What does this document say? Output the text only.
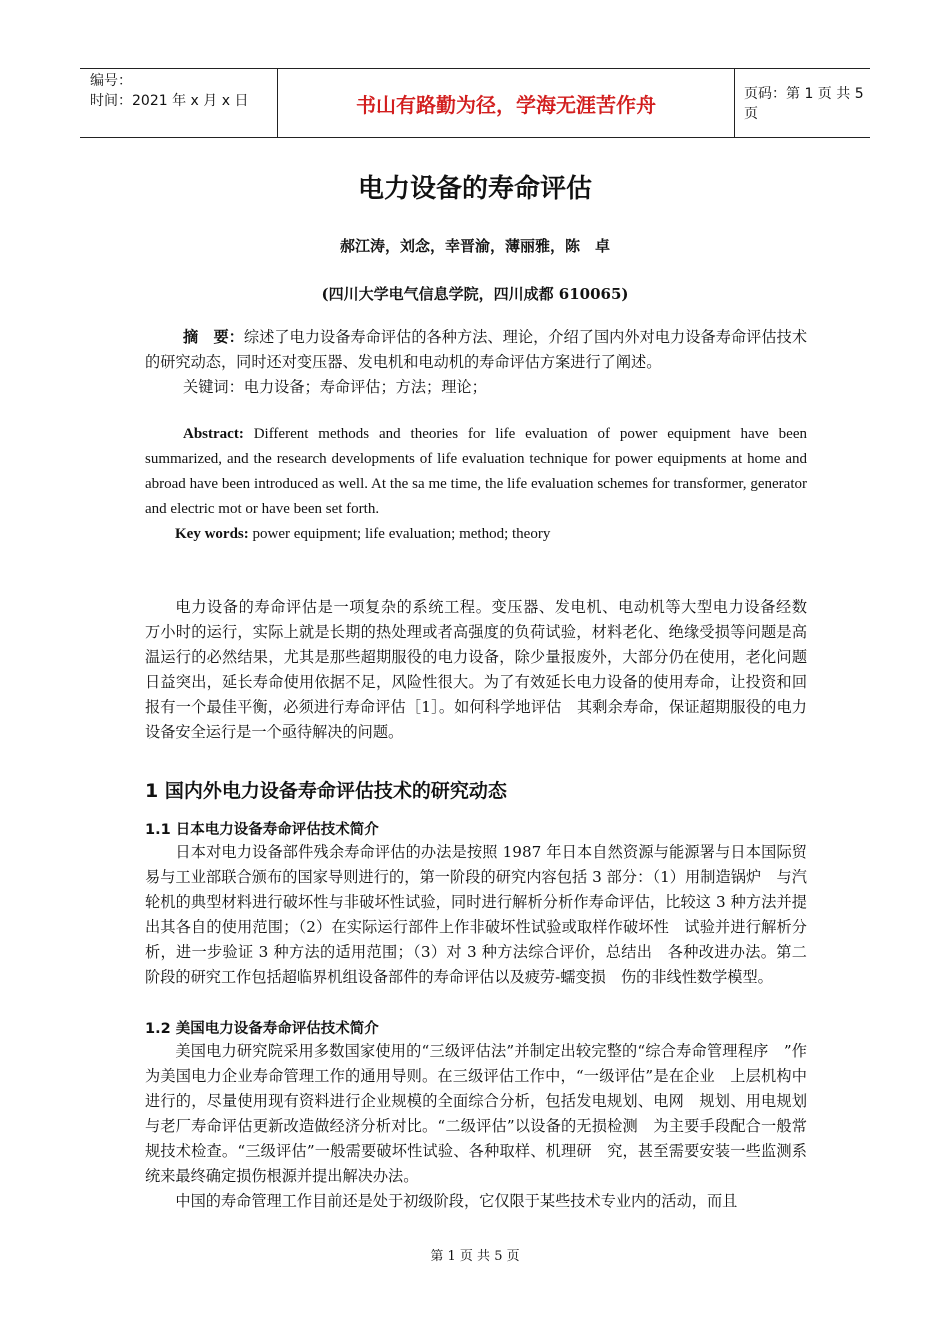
编号：
时间：2021 年 x 月 x 日	书山有路勤为径，学海无涯苦作舟	页码：第 1 页 共 5 页
电力设备的寿命评估
郝江涛，刘念，幸晋渝，薄丽雅，陈　卓
(四川大学电气信息学院，四川成都 610065)

摘　要：综述了电力设备寿命评估的各种方法、理论，介绍了国内外对电力设备寿命评估技术的研究动态，同时还对变压器、发电机和电动机的寿命评估方案进行了阐述。

关键词：电力设备；寿命评估；方法；理论；

Abstract: Different methods and theories for life evaluation of power equipment have been summarized, and the research developments of life evaluation technique for power equipments at home and abroad have been introduced as well. At the sa me time, the life evaluation schemes for transformer, generator and electric mot or have been set forth.

Key words: power equipment; life evaluation; method; theory

电力设备的寿命评估是一项复杂的系统工程。变压器、发电机、电动机等大型电力设备经数　万小时的运行，实际上就是长期的热处理或者高强度的负荷试验，材料老化、绝缘受损等问题是高温运行的必然结果，尤其是那些超期服役的电力设备，除少量报废外，大部分仍在使用，老化问题日益突出，延长寿命使用依据不足，风险性很大。为了有效延长电力设备的使用寿命，让投资和回报有一个最佳平衡，必须进行寿命评估［1］。如何科学地评估　其剩余寿命，保证超期服役的电力设备安全运行是一个亟待解决的问题。

1 国内外电力设备寿命评估技术的研究动态
1.1 日本电力设备寿命评估技术简介

日本对电力设备部件残余寿命评估的办法是按照 1987 年日本自然资源与能源署与日本国际贸　易与工业部联合颁布的国家导则进行的，第一阶段的研究内容包括 3 部分：（1）用制造锅炉　与汽轮机的典型材料进行破坏性与非破坏性试验，同时进行解析分析作寿命评估，比较这 3 种方法并提出其各自的使用范围；（2）在实际运行部件上作非破坏性试验或取样作破坏性　试验并进行解析分析，进一步验证 3 种方法的适用范围；（3）对 3 种方法综合评价，总结出　各种改进办法。第二阶段的研究工作包括超临界机组设备部件的寿命评估以及疲劳-蠕变损　伤的非线性数学模型。

1.2 美国电力设备寿命评估技术简介

美国电力研究院采用多数国家使用的“三级评估法”并制定出较完整的“综合寿命管理程序　”作为美国电力企业寿命管理工作的通用导则。在三级评估工作中，“一级评估”是在企业　上层机构中进行的，尽量使用现有资料进行企业规模的全面综合分析，包括发电规划、电网　规划、用电规划与老厂寿命评估更新改造做经济分析对比。“二级评估”以设备的无损检测　为主要手段配合一般常规技术检查。“三级评估”一般需要破坏性试验、各种取样、机理研　究，甚至需要安装一些监测系统来最终确定损伤根源并提出解决办法。

中国的寿命管理工作目前还是处于初级阶段，它仅限于某些技术专业内的活动，而且

第 1 页 共 5 页
